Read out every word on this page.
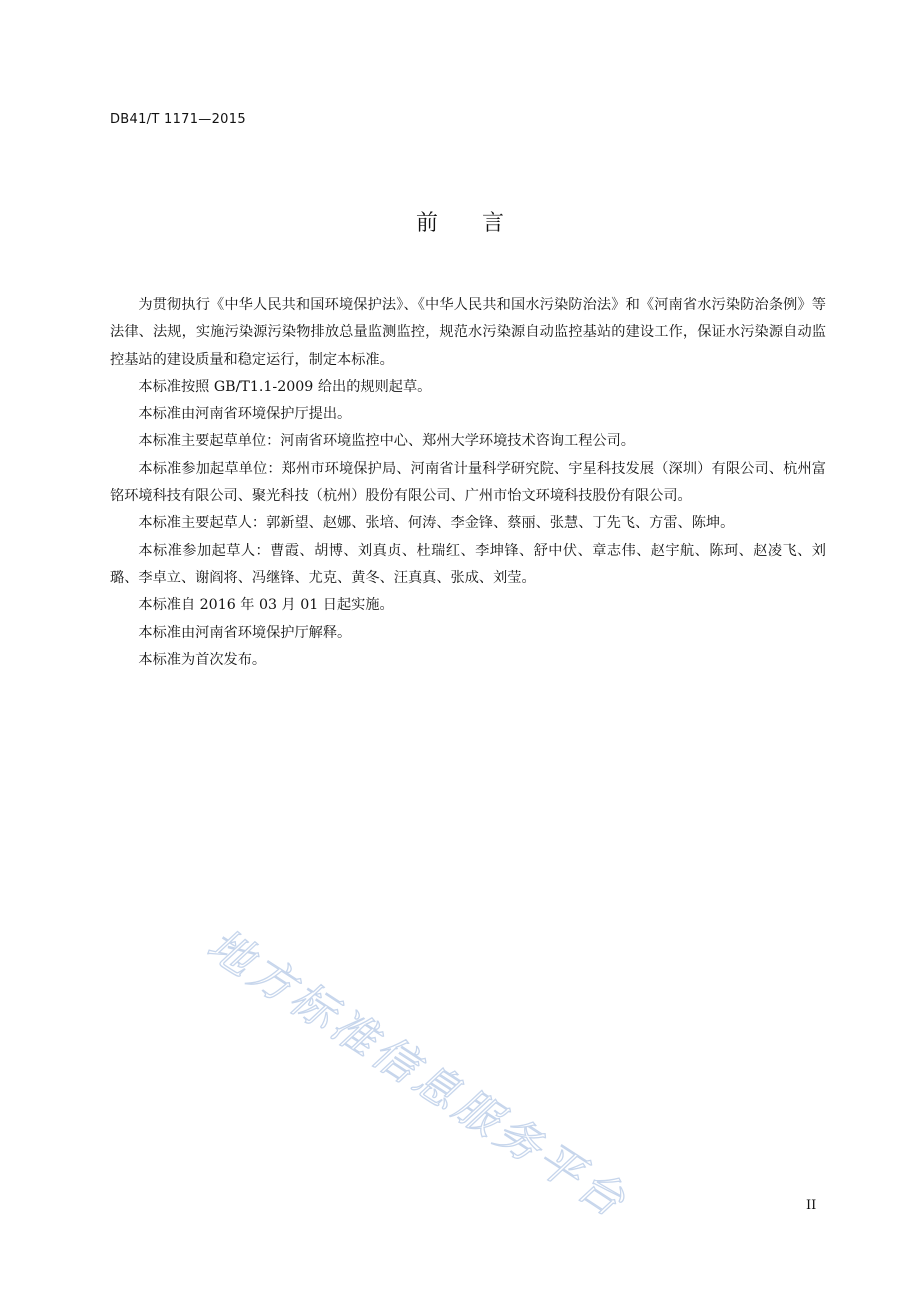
DB41/T 1171—2015
前言

为贯彻执行《中华人民共和国环境保护法》、《中华人民共和国水污染防治法》和《河南省水污染防治条例》等法律、法规，实施污染源污染物排放总量监测监控，规范水污染源自动监控基站的建设工作，保证水污染源自动监控基站的建设质量和稳定运行，制定本标准。

本标准按照 GB/T1.1-2009 给出的规则起草。

本标准由河南省环境保护厅提出。

本标准主要起草单位：河南省环境监控中心、郑州大学环境技术咨询工程公司。

本标准参加起草单位：郑州市环境保护局、河南省计量科学研究院、宇星科技发展（深圳）有限公司、杭州富铭环境科技有限公司、聚光科技（杭州）股份有限公司、广州市怡文环境科技股份有限公司。

本标准主要起草人：郭新望、赵娜、张培、何涛、李金锋、蔡丽、张慧、丁先飞、方雷、陈坤。

本标准参加起草人：曹霞、胡博、刘真贞、杜瑞红、李坤锋、舒中伏、章志伟、赵宇航、陈珂、赵凌飞、刘璐、李卓立、谢阎将、冯继锋、尤克、黄冬、汪真真、张成、刘莹。

本标准自 2016 年 03 月 01 日起实施。

本标准由河南省环境保护厅解释。

本标准为首次发布。

地方标准信息服务平台	II
